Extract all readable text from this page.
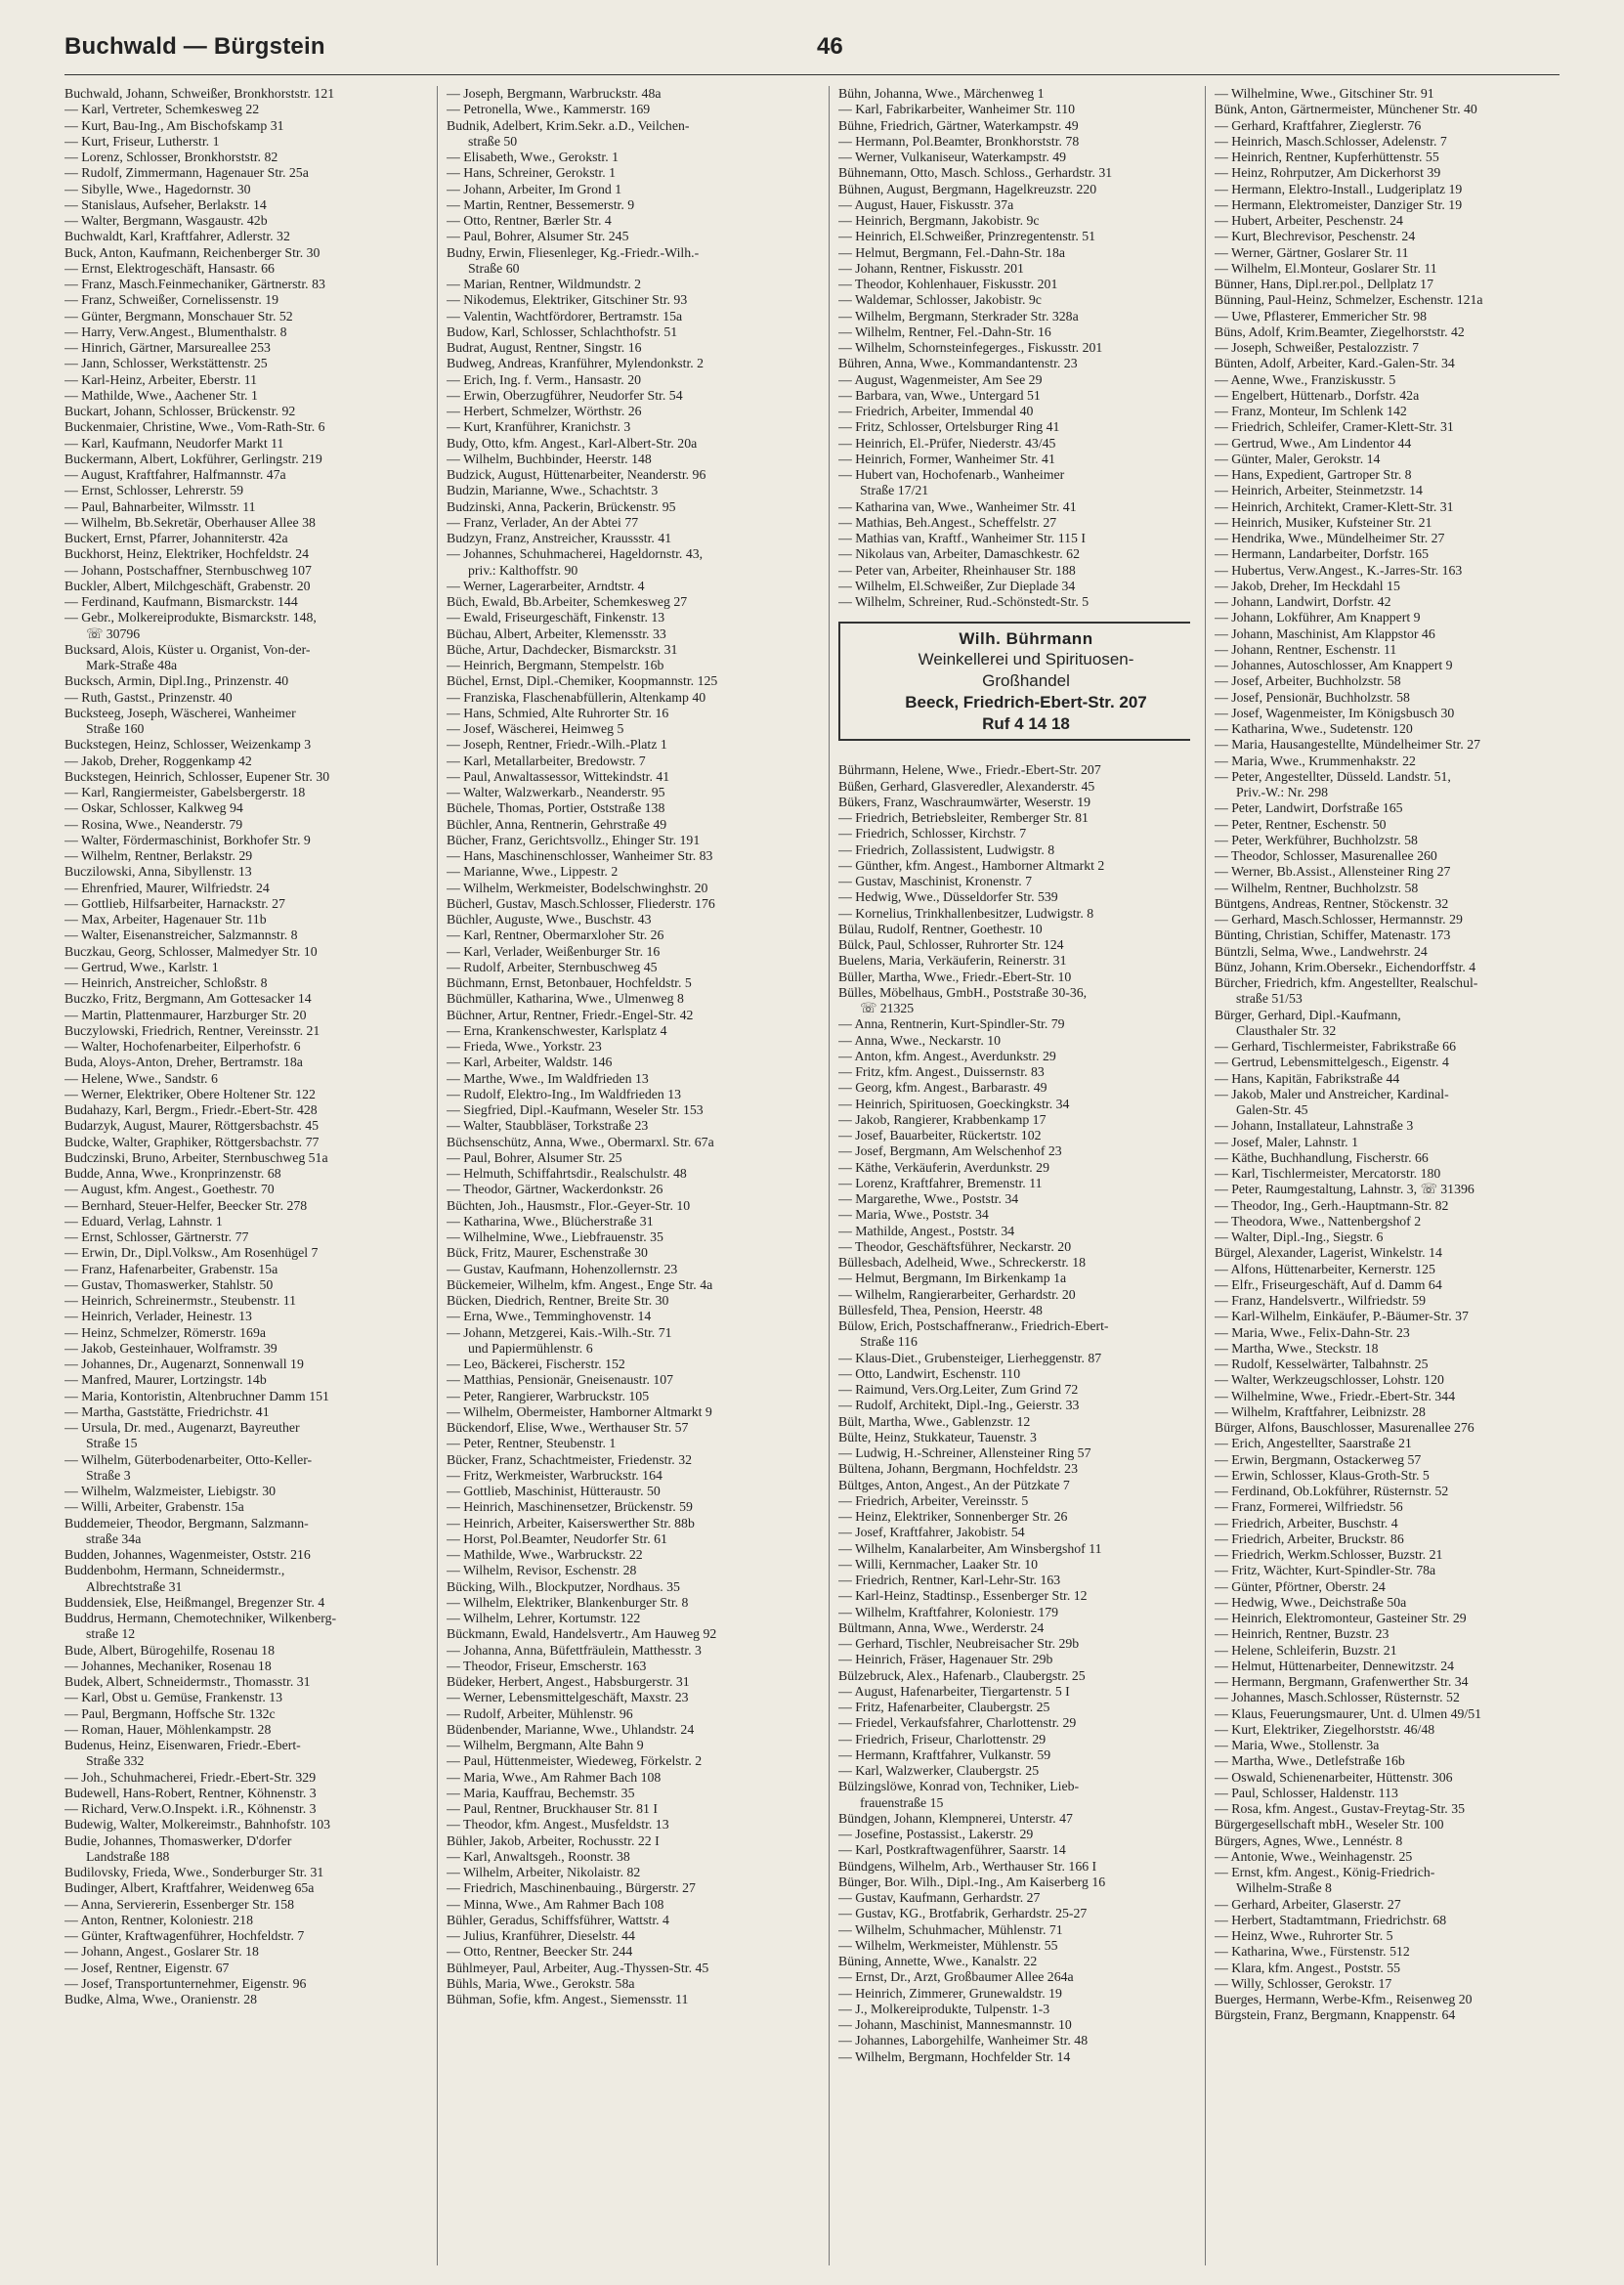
Buchwald — Bürgstein	46
Buchwald, Johann, Schweißer, Bronkhorststr. 121
— Karl, Vertreter, Schemkesweg 22
— Kurt, Bau-Ing., Am Bischofskamp 31
— Kurt, Friseur, Lutherstr. 1
— Lorenz, Schlosser, Bronkhorststr. 82
— Rudolf, Zimmermann, Hagenauer Str. 25a
— Sibylle, Wwe., Hagedornstr. 30
— Stanislaus, Aufseher, Berlakstr. 14
— Walter, Bergmann, Wasgaustr. 42b
Buchwaldt, Karl, Kraftfahrer, Adlerstr. 32
Buck, Anton, Kaufmann, Reichenberger Str. 30
— Ernst, Elektrogeschäft, Hansastr. 66
— Franz, Masch.Feinmechaniker, Gärtnerstr. 83
— Franz, Schweißer, Cornelissenstr. 19
— Günter, Bergmann, Monschauer Str. 52
— Harry, Verw.Angest., Blumenthalstr. 8
— Hinrich, Gärtner, Marsureallee 253
— Jann, Schlosser, Werkstättenstr. 25
— Karl-Heinz, Arbeiter, Eberstr. 11
— Mathilde, Wwe., Aachener Str. 1
Buckart, Johann, Schlosser, Brückenstr. 92
Buckenmaier, Christine, Wwe., Vom-Rath-Str. 6
— Karl, Kaufmann, Neudorfer Markt 11
Buckermann, Albert, Lokführer, Gerlingstr. 219
— August, Kraftfahrer, Halfmannstr. 47a
— Ernst, Schlosser, Lehrerstr. 59
— Paul, Bahnarbeiter, Wilmsstr. 11
— Wilhelm, Bb.Sekretär, Oberhauser Allee 38
Buckert, Ernst, Pfarrer, Johanniterstr. 42a
Buckhorst, Heinz, Elektriker, Hochfeldstr. 24
— Johann, Postschaffner, Sternbuschweg 107
Buckler, Albert, Milchgeschäft, Grabenstr. 20
— Ferdinand, Kaufmann, Bismarckstr. 144
— Gebr., Molkereiprodukte, Bismarckstr. 148,
☏ 30796
Bucksard, Alois, Küster u. Organist, Von-der-
Mark-Straße 48a
Bucksch, Armin, Dipl.Ing., Prinzenstr. 40
— Ruth, Gastst., Prinzenstr. 40
Bucksteeg, Joseph, Wäscherei, Wanheimer
Straße 160
Buckstegen, Heinz, Schlosser, Weizenkamp 3
— Jakob, Dreher, Roggenkamp 42
Buckstegen, Heinrich, Schlosser, Eupener Str. 30
— Karl, Rangiermeister, Gabelsbergerstr. 18
— Oskar, Schlosser, Kalkweg 94
— Rosina, Wwe., Neanderstr. 79
— Walter, Fördermaschinist, Borkhofer Str. 9
— Wilhelm, Rentner, Berlakstr. 29
Buczilowski, Anna, Sibyllenstr. 13
— Ehrenfried, Maurer, Wilfriedstr. 24
— Gottlieb, Hilfsarbeiter, Harnackstr. 27
— Max, Arbeiter, Hagenauer Str. 11b
— Walter, Eisenanstreicher, Salzmannstr. 8
Buczkau, Georg, Schlosser, Malmedyer Str. 10
— Gertrud, Wwe., Karlstr. 1
— Heinrich, Anstreicher, Schloßstr. 8
Buczko, Fritz, Bergmann, Am Gottesacker 14
— Martin, Plattenmaurer, Harzburger Str. 20
Buczylowski, Friedrich, Rentner, Vereinsstr. 21
— Walter, Hochofenarbeiter, Eilperhofstr. 6
Buda, Aloys-Anton, Dreher, Bertramstr. 18a
— Helene, Wwe., Sandstr. 6
— Werner, Elektriker, Obere Holtener Str. 122
Budahazy, Karl, Bergm., Friedr.-Ebert-Str. 428
Budarzyk, August, Maurer, Röttgersbachstr. 45
Budcke, Walter, Graphiker, Röttgersbachstr. 77
Budczinski, Bruno, Arbeiter, Sternbuschweg 51a
Budde, Anna, Wwe., Kronprinzenstr. 68
— August, kfm. Angest., Goethestr. 70
— Bernhard, Steuer-Helfer, Beecker Str. 278
— Eduard, Verlag, Lahnstr. 1
— Ernst, Schlosser, Gärtnerstr. 77
— Erwin, Dr., Dipl.Volksw., Am Rosenhügel 7
— Franz, Hafenarbeiter, Grabenstr. 15a
— Gustav, Thomaswerker, Stahlstr. 50
— Heinrich, Schreinermstr., Steubenstr. 11
— Heinrich, Verlader, Heinestr. 13
— Heinz, Schmelzer, Römerstr. 169a
— Jakob, Gesteinhauer, Wolframstr. 39
— Johannes, Dr., Augenarzt, Sonnenwall 19
— Manfred, Maurer, Lortzingstr. 14b
— Maria, Kontoristin, Altenbruchner Damm 151
— Martha, Gaststätte, Friedrichstr. 41
— Ursula, Dr. med., Augenarzt, Bayreuther
Straße 15
— Wilhelm, Güterbodenarbeiter, Otto-Keller-
Straße 3
— Wilhelm, Walzmeister, Liebigstr. 30
— Willi, Arbeiter, Grabenstr. 15a
Buddemeier, Theodor, Bergmann, Salzmann-
straße 34a
Budden, Johannes, Wagenmeister, Oststr. 216
Buddenbohm, Hermann, Schneidermstr.,
Albrechtstraße 31
Buddensiek, Else, Heißmangel, Bregenzer Str. 4
Buddrus, Hermann, Chemotechniker, Wilkenberg-
straße 12
Bude, Albert, Bürogehilfe, Rosenau 18
— Johannes, Mechaniker, Rosenau 18
Budek, Albert, Schneidermstr., Thomasstr. 31
— Karl, Obst u. Gemüse, Frankenstr. 13
— Paul, Bergmann, Hoffsche Str. 132c
— Roman, Hauer, Möhlenkampstr. 28
Budenus, Heinz, Eisenwaren, Friedr.-Ebert-
Straße 332
— Joh., Schuhmacherei, Friedr.-Ebert-Str. 329
Budewell, Hans-Robert, Rentner, Köhnenstr. 3
— Richard, Verw.O.Inspekt. i.R., Köhnenstr. 3
Budewig, Walter, Molkereimstr., Bahnhofstr. 103
Budie, Johannes, Thomaswerker, D'dorfer
Landstraße 188
Budilovsky, Frieda, Wwe., Sonderburger Str. 31
Budinger, Albert, Kraftfahrer, Weidenweg 65a
— Anna, Serviererin, Essenberger Str. 158
— Anton, Rentner, Koloniestr. 218
— Günter, Kraftwagenführer, Hochfeldstr. 7
— Johann, Angest., Goslarer Str. 18
— Josef, Rentner, Eigenstr. 67
— Josef, Transportunternehmer, Eigenstr. 96
Budke, Alma, Wwe., Oranienstr. 28
— Joseph, Bergmann, Warbruckstr. 48a
— Petronella, Wwe., Kammerstr. 169
Budnik, Adelbert, Krim.Sekr. a.D., Veilchen-
straße 50
— Elisabeth, Wwe., Gerokstr. 1
— Hans, Schreiner, Gerokstr. 1
— Johann, Arbeiter, Im Grond 1
— Martin, Rentner, Bessemerstr. 9
— Otto, Rentner, Bærler Str. 4
— Paul, Bohrer, Alsumer Str. 245
Budny, Erwin, Fliesenleger, Kg.-Friedr.-Wilh.-
Straße 60
— Marian, Rentner, Wildmundstr. 2
— Nikodemus, Elektriker, Gitschiner Str. 93
— Valentin, Wachtfördorer, Bertramstr. 15a
Budow, Karl, Schlosser, Schlachthofstr. 51
Budrat, August, Rentner, Singstr. 16
Budweg, Andreas, Kranführer, Mylendonkstr. 2
— Erich, Ing. f. Verm., Hansastr. 20
— Erwin, Oberzugführer, Neudorfer Str. 54
— Herbert, Schmelzer, Wörthstr. 26
— Kurt, Kranführer, Kranichstr. 3
Budy, Otto, kfm. Angest., Karl-Albert-Str. 20a
— Wilhelm, Buchbinder, Heerstr. 148
Budzick, August, Hüttenarbeiter, Neanderstr. 96
Budzin, Marianne, Wwe., Schachtstr. 3
Budzinski, Anna, Packerin, Brückenstr. 95
— Franz, Verlader, An der Abtei 77
Budzyn, Franz, Anstreicher, Kraussstr. 41
— Johannes, Schuhmacherei, Hageldornstr. 43,
priv.: Kalthoffstr. 90
— Werner, Lagerarbeiter, Arndtstr. 4
Büch, Ewald, Bb.Arbeiter, Schemkesweg 27
— Ewald, Friseurgeschäft, Finkenstr. 13
Büchau, Albert, Arbeiter, Klemensstr. 33
Büche, Artur, Dachdecker, Bismarckstr. 31
— Heinrich, Bergmann, Stempelstr. 16b
Büchel, Ernst, Dipl.-Chemiker, Koopmannstr. 125
— Franziska, Flaschenabfüllerin, Altenkamp 40
— Hans, Schmied, Alte Ruhrorter Str. 16
— Josef, Wäscherei, Heimweg 5
— Joseph, Rentner, Friedr.-Wilh.-Platz 1
— Karl, Metallarbeiter, Bredowstr. 7
— Paul, Anwaltassessor, Wittekindstr. 41
— Walter, Walzwerkarb., Neanderstr. 95
Büchele, Thomas, Portier, Oststraße 138
Büchler, Anna, Rentnerin, Gehrstraße 49
Bücher, Franz, Gerichtsvollz., Ehinger Str. 191
— Hans, Maschinenschlosser, Wanheimer Str. 83
— Marianne, Wwe., Lippestr. 2
— Wilhelm, Werkmeister, Bodelschwinghstr. 20
Bücherl, Gustav, Masch.Schlosser, Fliederstr. 176
Büchler, Auguste, Wwe., Buschstr. 43
— Karl, Rentner, Obermarxloher Str. 26
— Karl, Verlader, Weißenburger Str. 16
— Rudolf, Arbeiter, Sternbuschweg 45
Büchmann, Ernst, Betonbauer, Hochfeldstr. 5
Büchmüller, Katharina, Wwe., Ulmenweg 8
Büchner, Artur, Rentner, Friedr.-Engel-Str. 42
— Erna, Krankenschwester, Karlsplatz 4
— Frieda, Wwe., Yorkstr. 23
— Karl, Arbeiter, Waldstr. 146
— Marthe, Wwe., Im Waldfrieden 13
— Rudolf, Elektro-Ing., Im Waldfrieden 13
— Siegfried, Dipl.-Kaufmann, Weseler Str. 153
— Walter, Staubbläser, Torkstraße 23
Büchsenschütz, Anna, Wwe., Obermarxl. Str. 67a
— Paul, Bohrer, Alsumer Str. 25
— Helmuth, Schiffahrtsdir., Realschulstr. 48
— Theodor, Gärtner, Wackerdonkstr. 26
Büchten, Joh., Hausmstr., Flor.-Geyer-Str. 10
— Katharina, Wwe., Blücherstraße 31
— Wilhelmine, Wwe., Liebfrauenstr. 35
Bück, Fritz, Maurer, Eschenstraße 30
— Gustav, Kaufmann, Hohenzollernstr. 23
Bückemeier, Wilhelm, kfm. Angest., Enge Str. 4a
Bücken, Diedrich, Rentner, Breite Str. 30
— Erna, Wwe., Temminghovenstr. 14
— Johann, Metzgerei, Kais.-Wilh.-Str. 71
und Papiermühlenstr. 6
— Leo, Bäckerei, Fischerstr. 152
— Matthias, Pensionär, Gneisenaustr. 107
— Peter, Rangierer, Warbruckstr. 105
— Wilhelm, Obermeister, Hamborner Altmarkt 9
Bückendorf, Elise, Wwe., Werthauser Str. 57
— Peter, Rentner, Steubenstr. 1
Bücker, Franz, Schachtmeister, Friedenstr. 32
— Fritz, Werkmeister, Warbruckstr. 164
— Gottlieb, Maschinist, Hütteraustr. 50
— Heinrich, Maschinensetzer, Brückenstr. 59
— Heinrich, Arbeiter, Kaiserswerther Str. 88b
— Horst, Pol.Beamter, Neudorfer Str. 61
— Mathilde, Wwe., Warbruckstr. 22
— Wilhelm, Revisor, Eschenstr. 28
Bücking, Wilh., Blockputzer, Nordhaus. 35
— Wilhelm, Elektriker, Blankenburger Str. 8
— Wilhelm, Lehrer, Kortumstr. 122
Bückmann, Ewald, Handelsvertr., Am Hauweg 92
— Johanna, Anna, Büfettfräulein, Matthesstr. 3
— Theodor, Friseur, Emscherstr. 163
Büdeker, Herbert, Angest., Habsburgerstr. 31
— Werner, Lebensmittelgeschäft, Maxstr. 23
— Rudolf, Arbeiter, Mühlenstr. 96
Büdenbender, Marianne, Wwe., Uhlandstr. 24
— Wilhelm, Bergmann, Alte Bahn 9
— Paul, Hüttenmeister, Wiedeweg, Förkelstr. 2
— Maria, Wwe., Am Rahmer Bach 108
— Maria, Kauffrau, Bechemstr. 35
— Paul, Rentner, Bruckhauser Str. 81 I
— Theodor, kfm. Angest., Musfeldstr. 13
Bühler, Jakob, Arbeiter, Rochusstr. 22 I
— Karl, Anwaltsgeh., Roonstr. 38
— Wilhelm, Arbeiter, Nikolaistr. 82
— Friedrich, Maschinenbauing., Bürgerstr. 27
— Minna, Wwe., Am Rahmer Bach 108
Bühler, Geradus, Schiffsführer, Wattstr. 4
— Julius, Kranführer, Dieselstr. 44
— Otto, Rentner, Beecker Str. 244
Bühlmeyer, Paul, Arbeiter, Aug.-Thyssen-Str. 45
Bühls, Maria, Wwe., Gerokstr. 58a
Bühman, Sofie, kfm. Angest., Siemensstr. 11
Bühn, Johanna, Wwe., Märchenweg 1
— Karl, Fabrikarbeiter, Wanheimer Str. 110
Bühne, Friedrich, Gärtner, Waterkampstr. 49
— Hermann, Pol.Beamter, Bronkhorststr. 78
— Werner, Vulkaniseur, Waterkampstr. 49
Bühnemann, Otto, Masch. Schloss., Gerhardstr. 31
Bühnen, August, Bergmann, Hagelkreuzstr. 220
— August, Hauer, Fiskusstr. 37a
— Heinrich, Bergmann, Jakobistr. 9c
— Heinrich, El.Schweißer, Prinzregentenstr. 51
— Helmut, Bergmann, Fel.-Dahn-Str. 18a
— Johann, Rentner, Fiskusstr. 201
— Theodor, Kohlenhauer, Fiskusstr. 201
— Waldemar, Schlosser, Jakobistr. 9c
— Wilhelm, Bergmann, Sterkrader Str. 328a
— Wilhelm, Rentner, Fel.-Dahn-Str. 16
— Wilhelm, Schornsteinfegerges., Fiskusstr. 201
Bühren, Anna, Wwe., Kommandantenstr. 23
— August, Wagenmeister, Am See 29
— Barbara, van, Wwe., Untergard 51
— Friedrich, Arbeiter, Immendal 40
— Fritz, Schlosser, Ortelsburger Ring 41
— Heinrich, El.-Prüfer, Niederstr. 43/45
— Heinrich, Former, Wanheimer Str. 41
— Hubert van, Hochofenarb., Wanheimer
Straße 17/21
— Katharina van, Wwe., Wanheimer Str. 41
— Mathias, Beh.Angest., Scheffelstr. 27
— Mathias van, Kraftf., Wanheimer Str. 115 I
— Nikolaus van, Arbeiter, Damaschkestr. 62
— Peter van, Arbeiter, Rheinhauser Str. 188
— Wilhelm, El.Schweißer, Zur Dieplade 34
— Wilhelm, Schreiner, Rud.-Schönstedt-Str. 5
Wilh. Bührmann
Weinkellerei und Spirituosen-
Großhandel
Beeck, Friedrich-Ebert-Str. 207
Ruf 4 14 18
Bührmann, Helene, Wwe., Friedr.-Ebert-Str. 207
Büßen, Gerhard, Glasveredler, Alexanderstr. 45
Bükers, Franz, Waschraumwärter, Weserstr. 19
— Friedrich, Betriebsleiter, Remberger Str. 81
— Friedrich, Schlosser, Kirchstr. 7
— Friedrich, Zollassistent, Ludwigstr. 8
— Günther, kfm. Angest., Hamborner Altmarkt 2
— Gustav, Maschinist, Kronenstr. 7
— Hedwig, Wwe., Düsseldorfer Str. 539
— Kornelius, Trinkhallenbesitzer, Ludwigstr. 8
Bülau, Rudolf, Rentner, Goethestr. 10
Bülck, Paul, Schlosser, Ruhrorter Str. 124
Buelens, Maria, Verkäuferin, Reinerstr. 31
Büller, Martha, Wwe., Friedr.-Ebert-Str. 10
Bülles, Möbelhaus, GmbH., Poststraße 30-36,
☏ 21325
— Anna, Rentnerin, Kurt-Spindler-Str. 79
— Anna, Wwe., Neckarstr. 10
— Anton, kfm. Angest., Averdunkstr. 29
— Fritz, kfm. Angest., Duissernstr. 83
— Georg, kfm. Angest., Barbarastr. 49
— Heinrich, Spirituosen, Goeckingkstr. 34
— Jakob, Rangierer, Krabbenkamp 17
— Josef, Bauarbeiter, Rückertstr. 102
— Josef, Bergmann, Am Welschenhof 23
— Käthe, Verkäuferin, Averdunkstr. 29
— Lorenz, Kraftfahrer, Bremenstr. 11
— Margarethe, Wwe., Poststr. 34
— Maria, Wwe., Poststr. 34
— Mathilde, Angest., Poststr. 34
— Theodor, Geschäftsführer, Neckarstr. 20
Büllesbach, Adelheid, Wwe., Schreckerstr. 18
— Helmut, Bergmann, Im Birkenkamp 1a
— Wilhelm, Rangierarbeiter, Gerhardstr. 20
Büllesfeld, Thea, Pension, Heerstr. 48
Bülow, Erich, Postschaffneranw., Friedrich-Ebert-
Straße 116
— Klaus-Diet., Grubensteiger, Lierheggenstr. 87
— Otto, Landwirt, Eschenstr. 110
— Raimund, Vers.Org.Leiter, Zum Grind 72
— Rudolf, Architekt, Dipl.-Ing., Geierstr. 33
Bült, Martha, Wwe., Gablenzstr. 12
Bülte, Heinz, Stukkateur, Tauenstr. 3
— Ludwig, H.-Schreiner, Allensteiner Ring 57
Bültena, Johann, Bergmann, Hochfeldstr. 23
Bültges, Anton, Angest., An der Pützkate 7
— Friedrich, Arbeiter, Vereinsstr. 5
— Heinz, Elektriker, Sonnenberger Str. 26
— Josef, Kraftfahrer, Jakobistr. 54
— Wilhelm, Kanalarbeiter, Am Winsbergshof 11
— Willi, Kernmacher, Laaker Str. 10
— Friedrich, Rentner, Karl-Lehr-Str. 163
— Karl-Heinz, Stadtinsp., Essenberger Str. 12
— Wilhelm, Kraftfahrer, Koloniestr. 179
Bültmann, Anna, Wwe., Werderstr. 24
— Gerhard, Tischler, Neubreisacher Str. 29b
— Heinrich, Fräser, Hagenauer Str. 29b
Bülzebruck, Alex., Hafenarb., Claubergstr. 25
— August, Hafenarbeiter, Tiergartenstr. 5 I
— Fritz, Hafenarbeiter, Claubergstr. 25
— Friedel, Verkaufsfahrer, Charlottenstr. 29
— Friedrich, Friseur, Charlottenstr. 29
— Hermann, Kraftfahrer, Vulkanstr. 59
— Karl, Walzwerker, Claubergstr. 25
Bülzingslöwe, Konrad von, Techniker, Lieb-
frauenstraße 15
Bündgen, Johann, Klempnerei, Unterstr. 47
— Josefine, Postassist., Lakerstr. 29
— Karl, Postkraftwagenführer, Saarstr. 14
Bündgens, Wilhelm, Arb., Werthauser Str. 166 I
Bünger, Bor. Wilh., Dipl.-Ing., Am Kaiserberg 16
— Gustav, Kaufmann, Gerhardstr. 27
— Gustav, KG., Brotfabrik, Gerhardstr. 25-27
— Wilhelm, Schuhmacher, Mühlenstr. 71
— Wilhelm, Werkmeister, Mühlenstr. 55
Büning, Annette, Wwe., Kanalstr. 22
— Ernst, Dr., Arzt, Großbaumer Allee 264a
— Heinrich, Zimmerer, Grunewaldstr. 19
— J., Molkereiprodukte, Tulpenstr. 1-3
— Johann, Maschinist, Mannesmannstr. 10
— Johannes, Laborgehilfe, Wanheimer Str. 48
— Wilhelm, Bergmann, Hochfelder Str. 14
— Wilhelmine, Wwe., Gitschiner Str. 91
Bünk, Anton, Gärtnermeister, Münchener Str. 40
— Gerhard, Kraftfahrer, Zieglerstr. 76
— Heinrich, Masch.Schlosser, Adelenstr. 7
— Heinrich, Rentner, Kupferhüttenstr. 55
— Heinz, Rohrputzer, Am Dickerhorst 39
— Hermann, Elektro-Install., Ludgeriplatz 19
— Hermann, Elektromeister, Danziger Str. 19
— Hubert, Arbeiter, Peschenstr. 24
— Kurt, Blechrevisor, Peschenstr. 24
— Werner, Gärtner, Goslarer Str. 11
— Wilhelm, El.Monteur, Goslarer Str. 11
Bünner, Hans, Dipl.rer.pol., Dellplatz 17
Bünning, Paul-Heinz, Schmelzer, Eschenstr. 121a
— Uwe, Pflasterer, Emmericher Str. 98
Büns, Adolf, Krim.Beamter, Ziegelhorststr. 42
— Joseph, Schweißer, Pestalozzistr. 7
Bünten, Adolf, Arbeiter, Kard.-Galen-Str. 34
— Aenne, Wwe., Franziskusstr. 5
— Engelbert, Hüttenarb., Dorfstr. 42a
— Franz, Monteur, Im Schlenk 142
— Friedrich, Schleifer, Cramer-Klett-Str. 31
— Gertrud, Wwe., Am Lindentor 44
— Günter, Maler, Gerokstr. 14
— Hans, Expedient, Gartroper Str. 8
— Heinrich, Arbeiter, Steinmetzstr. 14
— Heinrich, Architekt, Cramer-Klett-Str. 31
— Heinrich, Musiker, Kufsteiner Str. 21
— Hendrika, Wwe., Mündelheimer Str. 27
— Hermann, Landarbeiter, Dorfstr. 165
— Hubertus, Verw.Angest., K.-Jarres-Str. 163
— Jakob, Dreher, Im Heckdahl 15
— Johann, Landwirt, Dorfstr. 42
— Johann, Lokführer, Am Knappert 9
— Johann, Maschinist, Am Klappstor 46
— Johann, Rentner, Eschenstr. 11
— Johannes, Autoschlosser, Am Knappert 9
— Josef, Arbeiter, Buchholzstr. 58
— Josef, Pensionär, Buchholzstr. 58
— Josef, Wagenmeister, Im Königsbusch 30
— Katharina, Wwe., Sudetenstr. 120
— Maria, Hausangestellte, Mündelheimer Str. 27
— Maria, Wwe., Krummenhakstr. 22
— Peter, Angestellter, Düsseld. Landstr. 51,
Priv.-W.: Nr. 298
— Peter, Landwirt, Dorfstraße 165
— Peter, Rentner, Eschenstr. 50
— Peter, Werkführer, Buchholzstr. 58
— Theodor, Schlosser, Masurenallee 260
— Werner, Bb.Assist., Allensteiner Ring 27
— Wilhelm, Rentner, Buchholzstr. 58
Büntgens, Andreas, Rentner, Stöckenstr. 32
— Gerhard, Masch.Schlosser, Hermannstr. 29
Bünting, Christian, Schiffer, Matenastr. 173
Büntzli, Selma, Wwe., Landwehrstr. 24
Bünz, Johann, Krim.Obersekr., Eichendorffstr. 4
Bürcher, Friedrich, kfm. Angestellter, Realschul-
straße 51/53
Bürger, Gerhard, Dipl.-Kaufmann,
Clausthaler Str. 32
— Gerhard, Tischlermeister, Fabrikstraße 66
— Gertrud, Lebensmittelgesch., Eigenstr. 4
— Hans, Kapitän, Fabrikstraße 44
— Jakob, Maler und Anstreicher, Kardinal-
Galen-Str. 45
— Johann, Installateur, Lahnstraße 3
— Josef, Maler, Lahnstr. 1
— Käthe, Buchhandlung, Fischerstr. 66
— Karl, Tischlermeister, Mercatorstr. 180
— Peter, Raumgestaltung, Lahnstr. 3, ☏ 31396
— Theodor, Ing., Gerh.-Hauptmann-Str. 82
— Theodora, Wwe., Nattenbergshof 2
— Walter, Dipl.-Ing., Siegstr. 6
Bürgel, Alexander, Lagerist, Winkelstr. 14
— Alfons, Hüttenarbeiter, Kernerstr. 125
— Elfr., Friseurgeschäft, Auf d. Damm 64
— Franz, Handelsvertr., Wilfriedstr. 59
— Karl-Wilhelm, Einkäufer, P.-Bäumer-Str. 37
— Maria, Wwe., Felix-Dahn-Str. 23
— Martha, Wwe., Steckstr. 18
— Rudolf, Kesselwärter, Talbahnstr. 25
— Walter, Werkzeugschlosser, Lohstr. 120
— Wilhelmine, Wwe., Friedr.-Ebert-Str. 344
— Wilhelm, Kraftfahrer, Leibnizstr. 28
Bürger, Alfons, Bauschlosser, Masurenallee 276
— Erich, Angestellter, Saarstraße 21
— Erwin, Bergmann, Ostackerweg 57
— Erwin, Schlosser, Klaus-Groth-Str. 5
— Ferdinand, Ob.Lokführer, Rüsternstr. 52
— Franz, Formerei, Wilfriedstr. 56
— Friedrich, Arbeiter, Buschstr. 4
— Friedrich, Arbeiter, Bruckstr. 86
— Friedrich, Werkm.Schlosser, Buzstr. 21
— Fritz, Wächter, Kurt-Spindler-Str. 78a
— Günter, Pförtner, Oberstr. 24
— Hedwig, Wwe., Deichstraße 50a
— Heinrich, Elektromonteur, Gasteiner Str. 29
— Heinrich, Rentner, Buzstr. 23
— Helene, Schleiferin, Buzstr. 21
— Helmut, Hüttenarbeiter, Dennewitzstr. 24
— Hermann, Bergmann, Grafenwerther Str. 34
— Johannes, Masch.Schlosser, Rüsternstr. 52
— Klaus, Feuerungsmaurer, Unt. d. Ulmen 49/51
— Kurt, Elektriker, Ziegelhorststr. 46/48
— Maria, Wwe., Stollenstr. 3a
— Martha, Wwe., Detlefstraße 16b
— Oswald, Schienenarbeiter, Hüttenstr. 306
— Paul, Schlosser, Haldenstr. 113
— Rosa, kfm. Angest., Gustav-Freytag-Str. 35
Bürgergesellschaft mbH., Weseler Str. 100
Bürgers, Agnes, Wwe., Lennéstr. 8
— Antonie, Wwe., Weinhagenstr. 25
— Ernst, kfm. Angest., König-Friedrich-
Wilhelm-Straße 8
— Gerhard, Arbeiter, Glaserstr. 27
— Herbert, Stadtamtmann, Friedrichstr. 68
— Heinz, Wwe., Ruhrorter Str. 5
— Katharina, Wwe., Fürstenstr. 512
— Klara, kfm. Angest., Poststr. 55
— Willy, Schlosser, Gerokstr. 17
Buerges, Hermann, Werbe-Kfm., Reisenweg 20
Bürgstein, Franz, Bergmann, Knappenstr. 64
